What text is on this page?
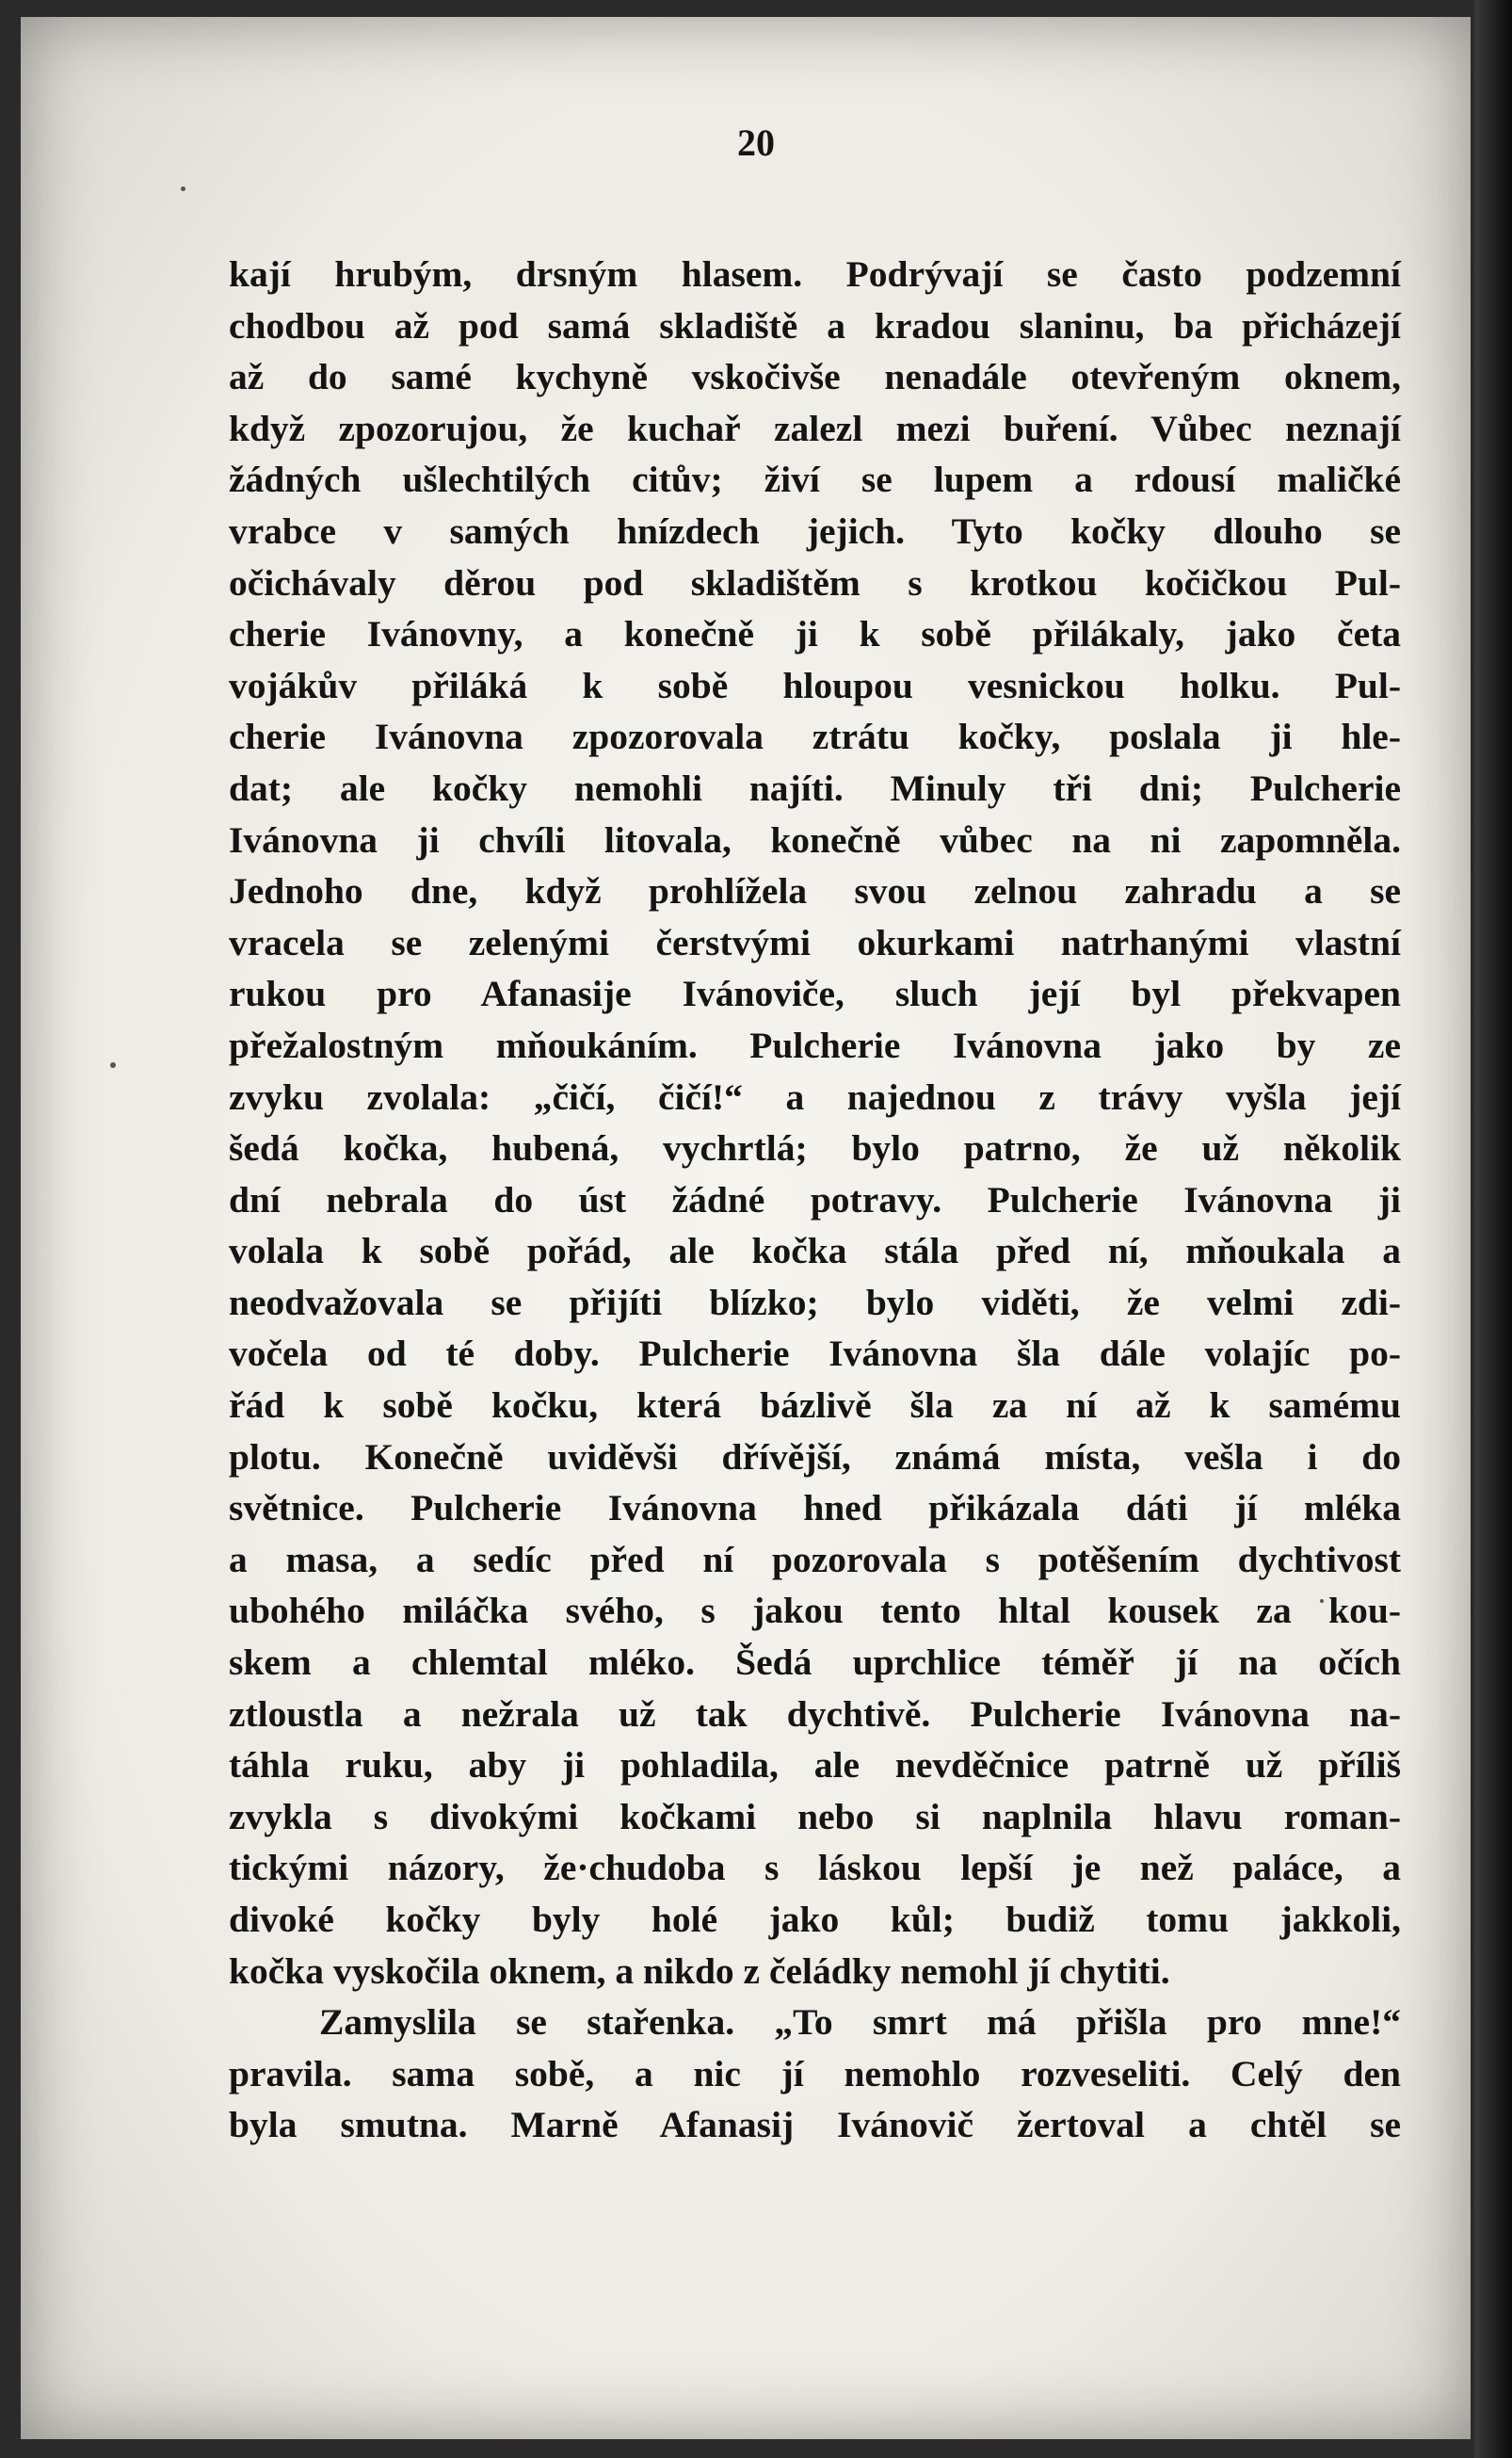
20
kají hrubým, drsným hlasem. Podrývají se často podzemní
chodbou až pod samá skladiště a kradou slaninu, ba přicházejí
až do samé kychyně vskočivše nenadále otevřeným oknem,
když zpozorujou, že kuchař zalezl mezi buření. Vůbec neznají
žádných ušlechtilých citův; živí se lupem a rdousí maličké
vrabce v samých hnízdech jejich. Tyto kočky dlouho se
očichávaly děrou pod skladištěm s krotkou kočičkou Pul-
cherie Ivánovny, a konečně ji k sobě přilákaly, jako četa
vojákův přiláká k sobě hloupou vesnickou holku. Pul-
cherie Ivánovna zpozorovala ztrátu kočky, poslala ji hle-
dat; ale kočky nemohli najíti. Minuly tři dni; Pulcherie
Ivánovna ji chvíli litovala, konečně vůbec na ni zapomněla.
Jednoho dne, když prohlížela svou zelnou zahradu a se
vracela se zelenými čerstvými okurkami natrhanými vlastní
rukou pro Afanasije Ivánoviče, sluch její byl překvapen
přežalostným mňoukáním. Pulcherie Ivánovna jako by ze
zvyku zvolala: „čičí, čičí!“ a najednou z trávy vyšla její
šedá kočka, hubená, vychrtlá; bylo patrno, že už několik
dní nebrala do úst žádné potravy. Pulcherie Ivánovna ji
volala k sobě pořád, ale kočka stála před ní, mňoukala a
neodvažovala se přijíti blízko; bylo viděti, že velmi zdi-
vočela od té doby. Pulcherie Ivánovna šla dále volajíc po-
řád k sobě kočku, která bázlivě šla za ní až k samému
plotu. Konečně uviděvši dřívější, známá místa, vešla i do
světnice. Pulcherie Ivánovna hned přikázala dáti jí mléka
a masa, a sedíc před ní pozorovala s potěšením dychtivost
ubohého miláčka svého, s jakou tento hltal kousek za kou-
skem a chlemtal mléko. Šedá uprchlice téměř jí na očích
ztloustla a nežrala už tak dychtivě. Pulcherie Ivánovna na-
táhla ruku, aby ji pohladila, ale nevděčnice patrně už příliš
zvykla s divokými kočkami nebo si naplnila hlavu roman-
tickými názory, že·chudoba s láskou lepší je než paláce, a
divoké kočky byly holé jako kůl; budiž tomu jakkoli,
kočka vyskočila oknem, a nikdo z čeládky nemohl jí chytiti.
Zamyslila se stařenka. „To smrt má přišla pro mne!“
pravila. sama sobě, a nic jí nemohlo rozveseliti. Celý den
byla smutna. Marně Afanasij Ivánovič žertoval a chtěl se
